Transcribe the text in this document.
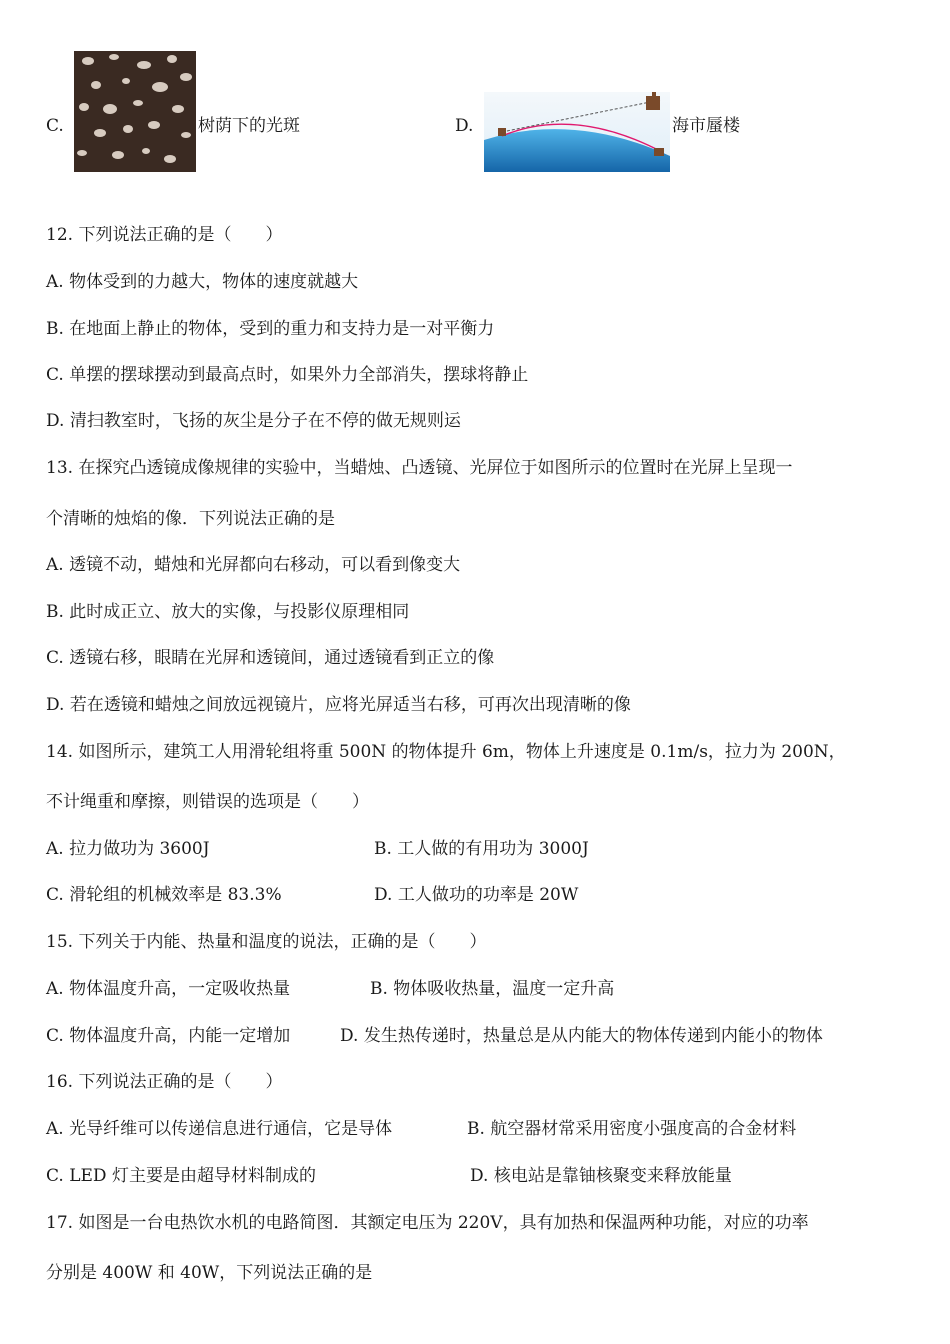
C.	树荫下的光斑	D.	海市蜃楼
12. 下列说法正确的是（　　）
A. 物体受到的力越大，物体的速度就越大
B. 在地面上静止的物体，受到的重力和支持力是一对平衡力
C. 单摆的摆球摆动到最高点时，如果外力全部消失，摆球将静止
D. 清扫教室时，飞扬的灰尘是分子在不停的做无规则运
13. 在探究凸透镜成像规律的实验中，当蜡烛、凸透镜、光屏位于如图所示的位置时在光屏上呈现一
个清晰的烛焰的像．下列说法正确的是
A. 透镜不动，蜡烛和光屏都向右移动，可以看到像变大
B. 此时成正立、放大的实像，与投影仪原理相同
C. 透镜右移，眼睛在光屏和透镜间，通过透镜看到正立的像
D. 若在透镜和蜡烛之间放远视镜片，应将光屏适当右移，可再次出现清晰的像
14. 如图所示，建筑工人用滑轮组将重 500N 的物体提升 6m，物体上升速度是 0.1m/s，拉力为 200N，
不计绳重和摩擦，则错误的选项是（　　）
A. 拉力做功为 3600J	B. 工人做的有用功为 3000J
C. 滑轮组的机械效率是 83.3%	D. 工人做功的功率是 20W
15. 下列关于内能、热量和温度的说法，正确的是（　　）
A. 物体温度升高，一定吸收热量	B. 物体吸收热量，温度一定升高
C. 物体温度升高，内能一定增加	D. 发生热传递时，热量总是从内能大的物体传递到内能小的物体
16. 下列说法正确的是（　　）
A. 光导纤维可以传递信息进行通信，它是导体	B. 航空器材常采用密度小强度高的合金材料
C. LED 灯主要是由超导材料制成的	D. 核电站是靠铀核聚变来释放能量
17. 如图是一台电热饮水机的电路简图．其额定电压为 220V，具有加热和保温两种功能，对应的功率
分别是 400W 和 40W，下列说法正确的是
